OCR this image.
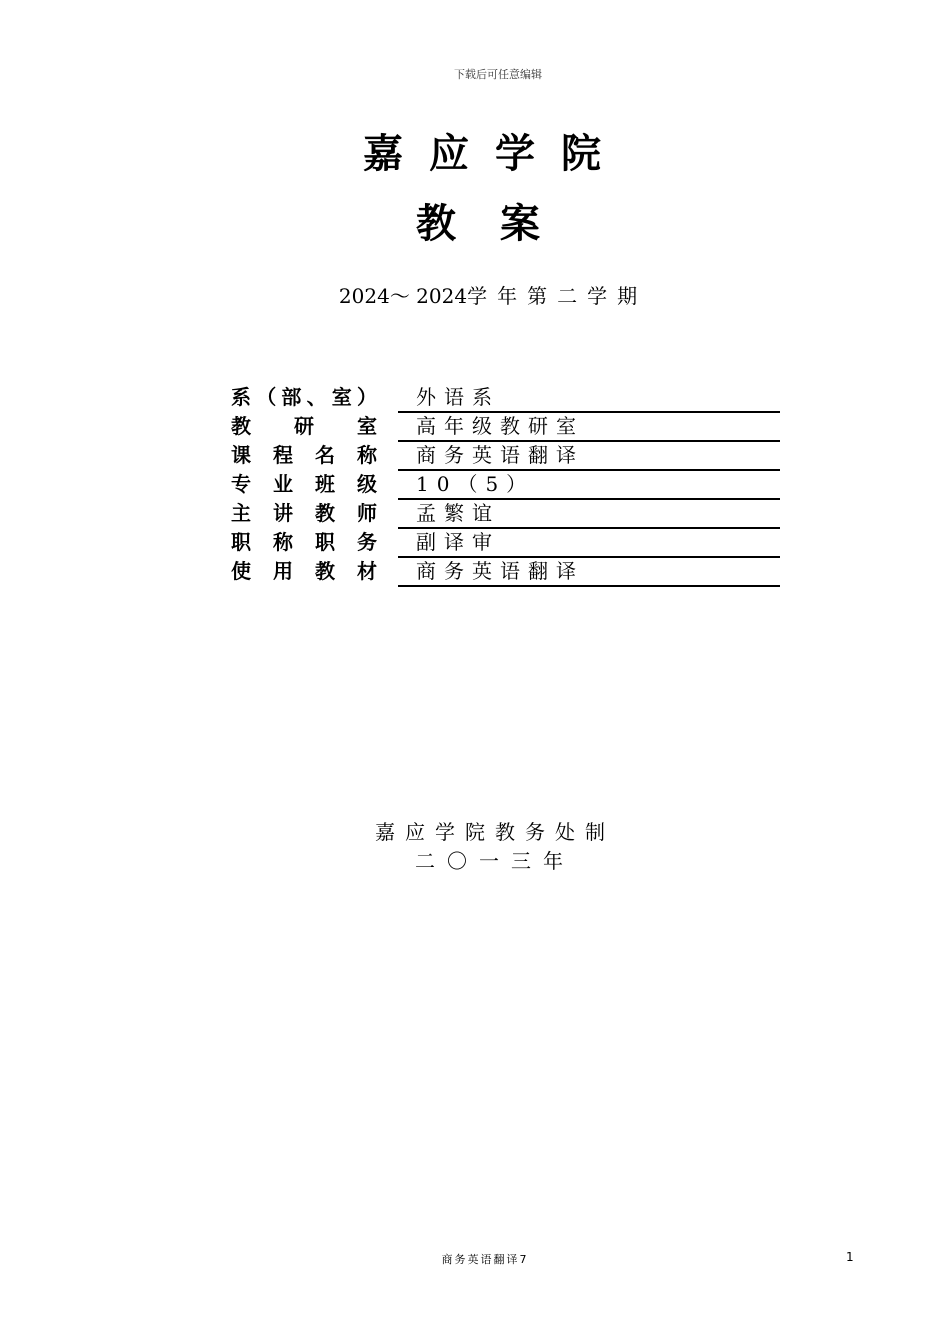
下载后可任意编辑
嘉应学院
教案
2024～ 2024学年第二学期
系（部、室）	外语系
教研室	高年级教研室
课程名称	商务英语翻译
专业班级	10（5）
主讲教师	孟繁谊
职称职务	副译审
使用教材	商务英语翻译
嘉应学院教务处制
二〇一三年
商务英语翻译7	1
